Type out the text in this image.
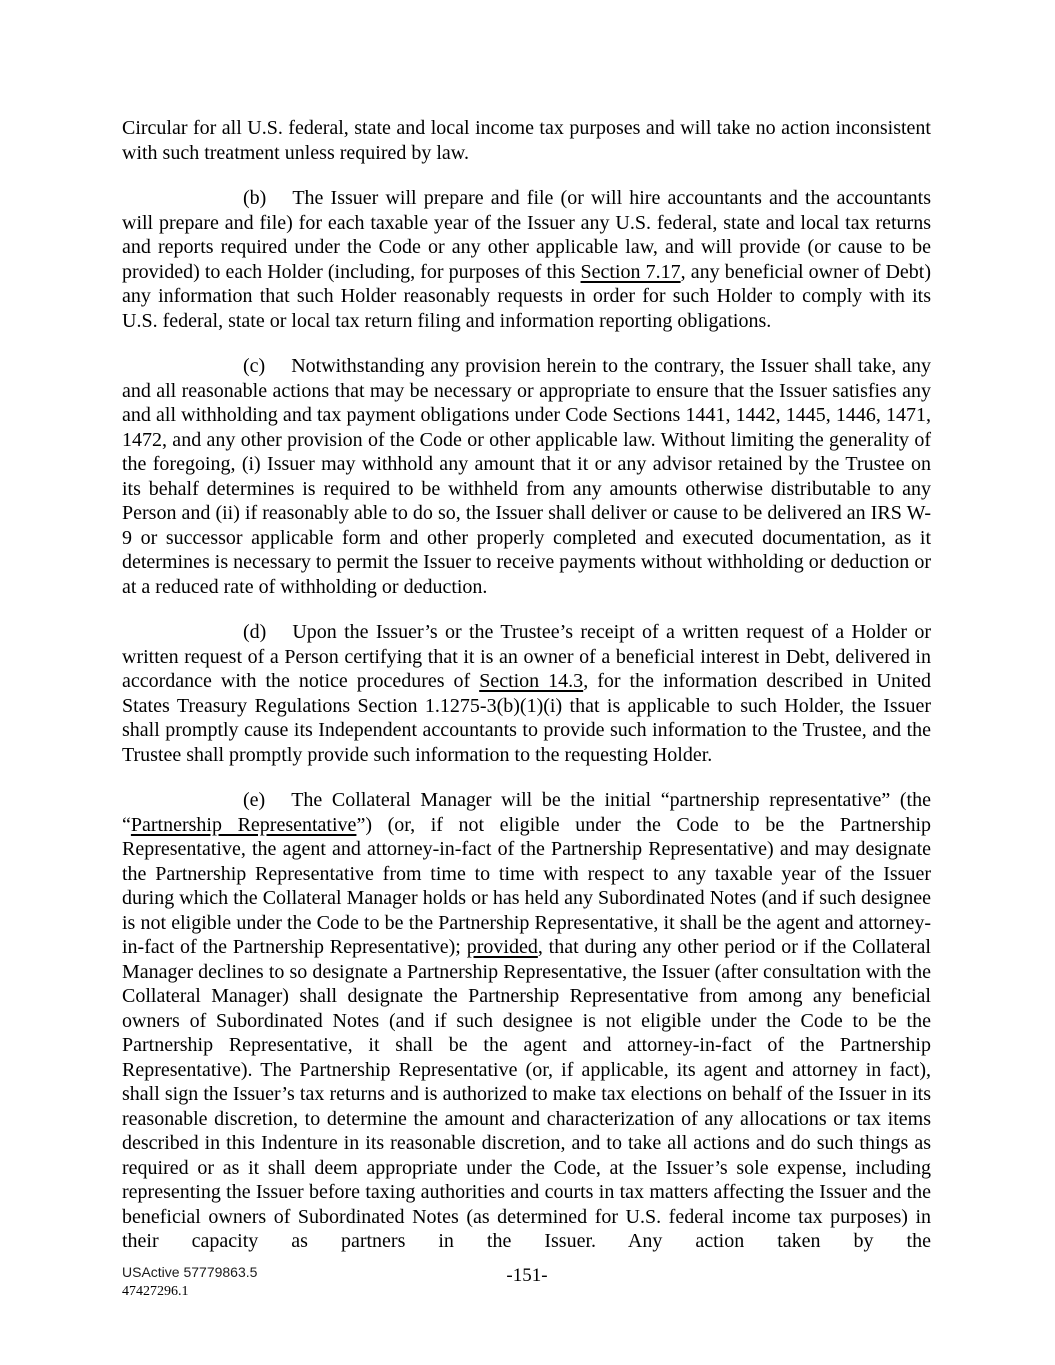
Circular for all U.S. federal, state and local income tax purposes and will take no action inconsistent with such treatment unless required by law.

(b) The Issuer will prepare and file (or will hire accountants and the accountants will prepare and file) for each taxable year of the Issuer any U.S. federal, state and local tax returns and reports required under the Code or any other applicable law, and will provide (or cause to be provided) to each Holder (including, for purposes of this Section 7.17, any beneficial owner of Debt) any information that such Holder reasonably requests in order for such Holder to comply with its U.S. federal, state or local tax return filing and information reporting obligations.

(c) Notwithstanding any provision herein to the contrary, the Issuer shall take, any and all reasonable actions that may be necessary or appropriate to ensure that the Issuer satisfies any and all withholding and tax payment obligations under Code Sections 1441, 1442, 1445, 1446, 1471, 1472, and any other provision of the Code or other applicable law. Without limiting the generality of the foregoing, (i) Issuer may withhold any amount that it or any advisor retained by the Trustee on its behalf determines is required to be withheld from any amounts otherwise distributable to any Person and (ii) if reasonably able to do so, the Issuer shall deliver or cause to be delivered an IRS W-9 or successor applicable form and other properly completed and executed documentation, as it determines is necessary to permit the Issuer to receive payments without withholding or deduction or at a reduced rate of withholding or deduction.

(d) Upon the Issuer’s or the Trustee’s receipt of a written request of a Holder or written request of a Person certifying that it is an owner of a beneficial interest in Debt, delivered in accordance with the notice procedures of Section 14.3, for the information described in United States Treasury Regulations Section 1.1275-3(b)(1)(i) that is applicable to such Holder, the Issuer shall promptly cause its Independent accountants to provide such information to the Trustee, and the Trustee shall promptly provide such information to the requesting Holder.

(e) The Collateral Manager will be the initial “partnership representative” (the “Partnership Representative”) (or, if not eligible under the Code to be the Partnership Representative, the agent and attorney-in-fact of the Partnership Representative) and may designate the Partnership Representative from time to time with respect to any taxable year of the Issuer during which the Collateral Manager holds or has held any Subordinated Notes (and if such designee is not eligible under the Code to be the Partnership Representative, it shall be the agent and attorney-in-fact of the Partnership Representative); provided, that during any other period or if the Collateral Manager declines to so designate a Partnership Representative, the Issuer (after consultation with the Collateral Manager) shall designate the Partnership Representative from among any beneficial owners of Subordinated Notes (and if such designee is not eligible under the Code to be the Partnership Representative, it shall be the agent and attorney-in-fact of the Partnership Representative). The Partnership Representative (or, if applicable, its agent and attorney in fact), shall sign the Issuer’s tax returns and is authorized to make tax elections on behalf of the Issuer in its reasonable discretion, to determine the amount and characterization of any allocations or tax items described in this Indenture in its reasonable discretion, and to take all actions and do such things as required or as it shall deem appropriate under the Code, at the Issuer’s sole expense, including representing the Issuer before taxing authorities and courts in tax matters affecting the Issuer and the beneficial owners of Subordinated Notes (as determined for U.S. federal income tax purposes) in their capacity as partners in the Issuer. Any action taken by the

USActive 57779863.5
47427296.1
-151-
